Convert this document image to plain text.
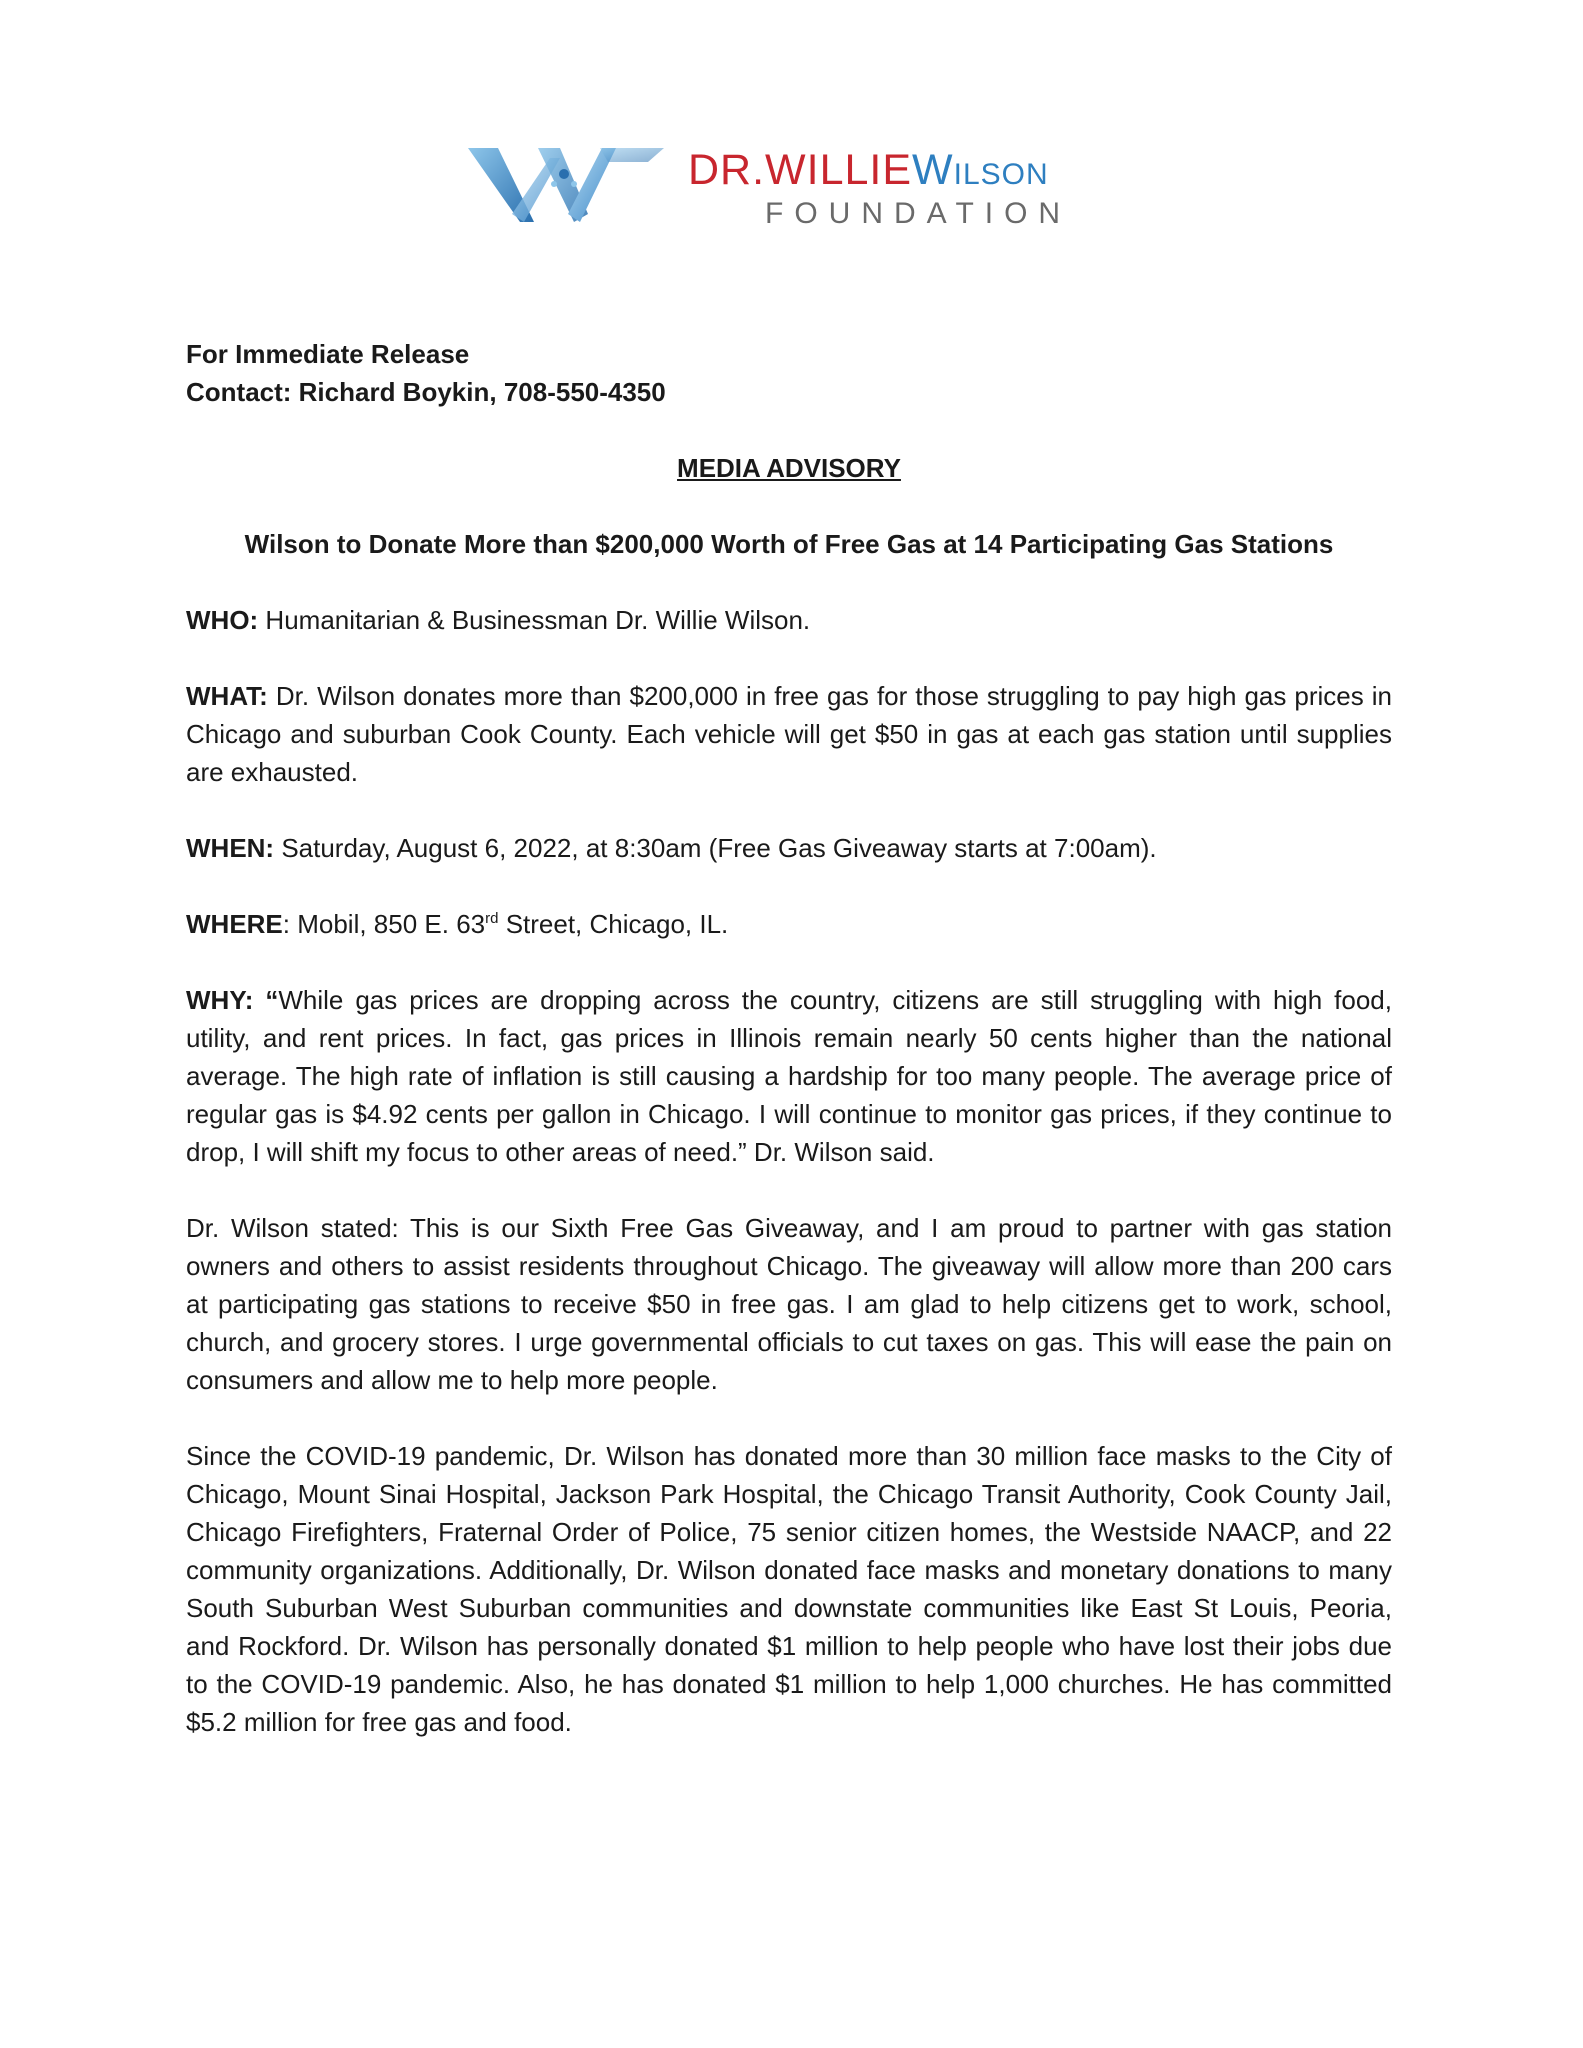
DR.WILLIEWilson
FOUNDATION

For Immediate Release

Contact: Richard Boykin, 708-550-4350

MEDIA ADVISORY

Wilson to Donate More than $200,000 Worth of Free Gas at 14 Participating Gas Stations

WHO: Humanitarian & Businessman Dr. Willie Wilson.

WHAT: Dr. Wilson donates more than $200,000 in free gas for those struggling to pay high gas prices in Chicago and suburban Cook County. Each vehicle will get $50 in gas at each gas station until supplies are exhausted.

WHEN: Saturday, August 6, 2022, at 8:30am (Free Gas Giveaway starts at 7:00am).

WHERE: Mobil, 850 E. 63rd Street, Chicago, IL.

WHY: “While gas prices are dropping across the country, citizens are still struggling with high food, utility, and rent prices. In fact, gas prices in Illinois remain nearly 50 cents higher than the national average. The high rate of inflation is still causing a hardship for too many people. The average price of regular gas is $4.92 cents per gallon in Chicago. I will continue to monitor gas prices, if they continue to drop, I will shift my focus to other areas of need.” Dr. Wilson said.

Dr. Wilson stated: This is our Sixth Free Gas Giveaway, and I am proud to partner with gas station owners and others to assist residents throughout Chicago. The giveaway will allow more than 200 cars at participating gas stations to receive $50 in free gas. I am glad to help citizens get to work, school, church, and grocery stores. I urge governmental officials to cut taxes on gas. This will ease the pain on consumers and allow me to help more people.

Since the COVID-19 pandemic, Dr. Wilson has donated more than 30 million face masks to the City of Chicago, Mount Sinai Hospital, Jackson Park Hospital, the Chicago Transit Authority, Cook County Jail, Chicago Firefighters, Fraternal Order of Police, 75 senior citizen homes, the Westside NAACP, and 22 community organizations. Additionally, Dr. Wilson donated face masks and monetary donations to many South Suburban West Suburban communities and downstate communities like East St Louis, Peoria, and Rockford. Dr. Wilson has personally donated $1 million to help people who have lost their jobs due to the COVID-19 pandemic. Also, he has donated $1 million to help 1,000 churches. He has committed $5.2 million for free gas and food.
